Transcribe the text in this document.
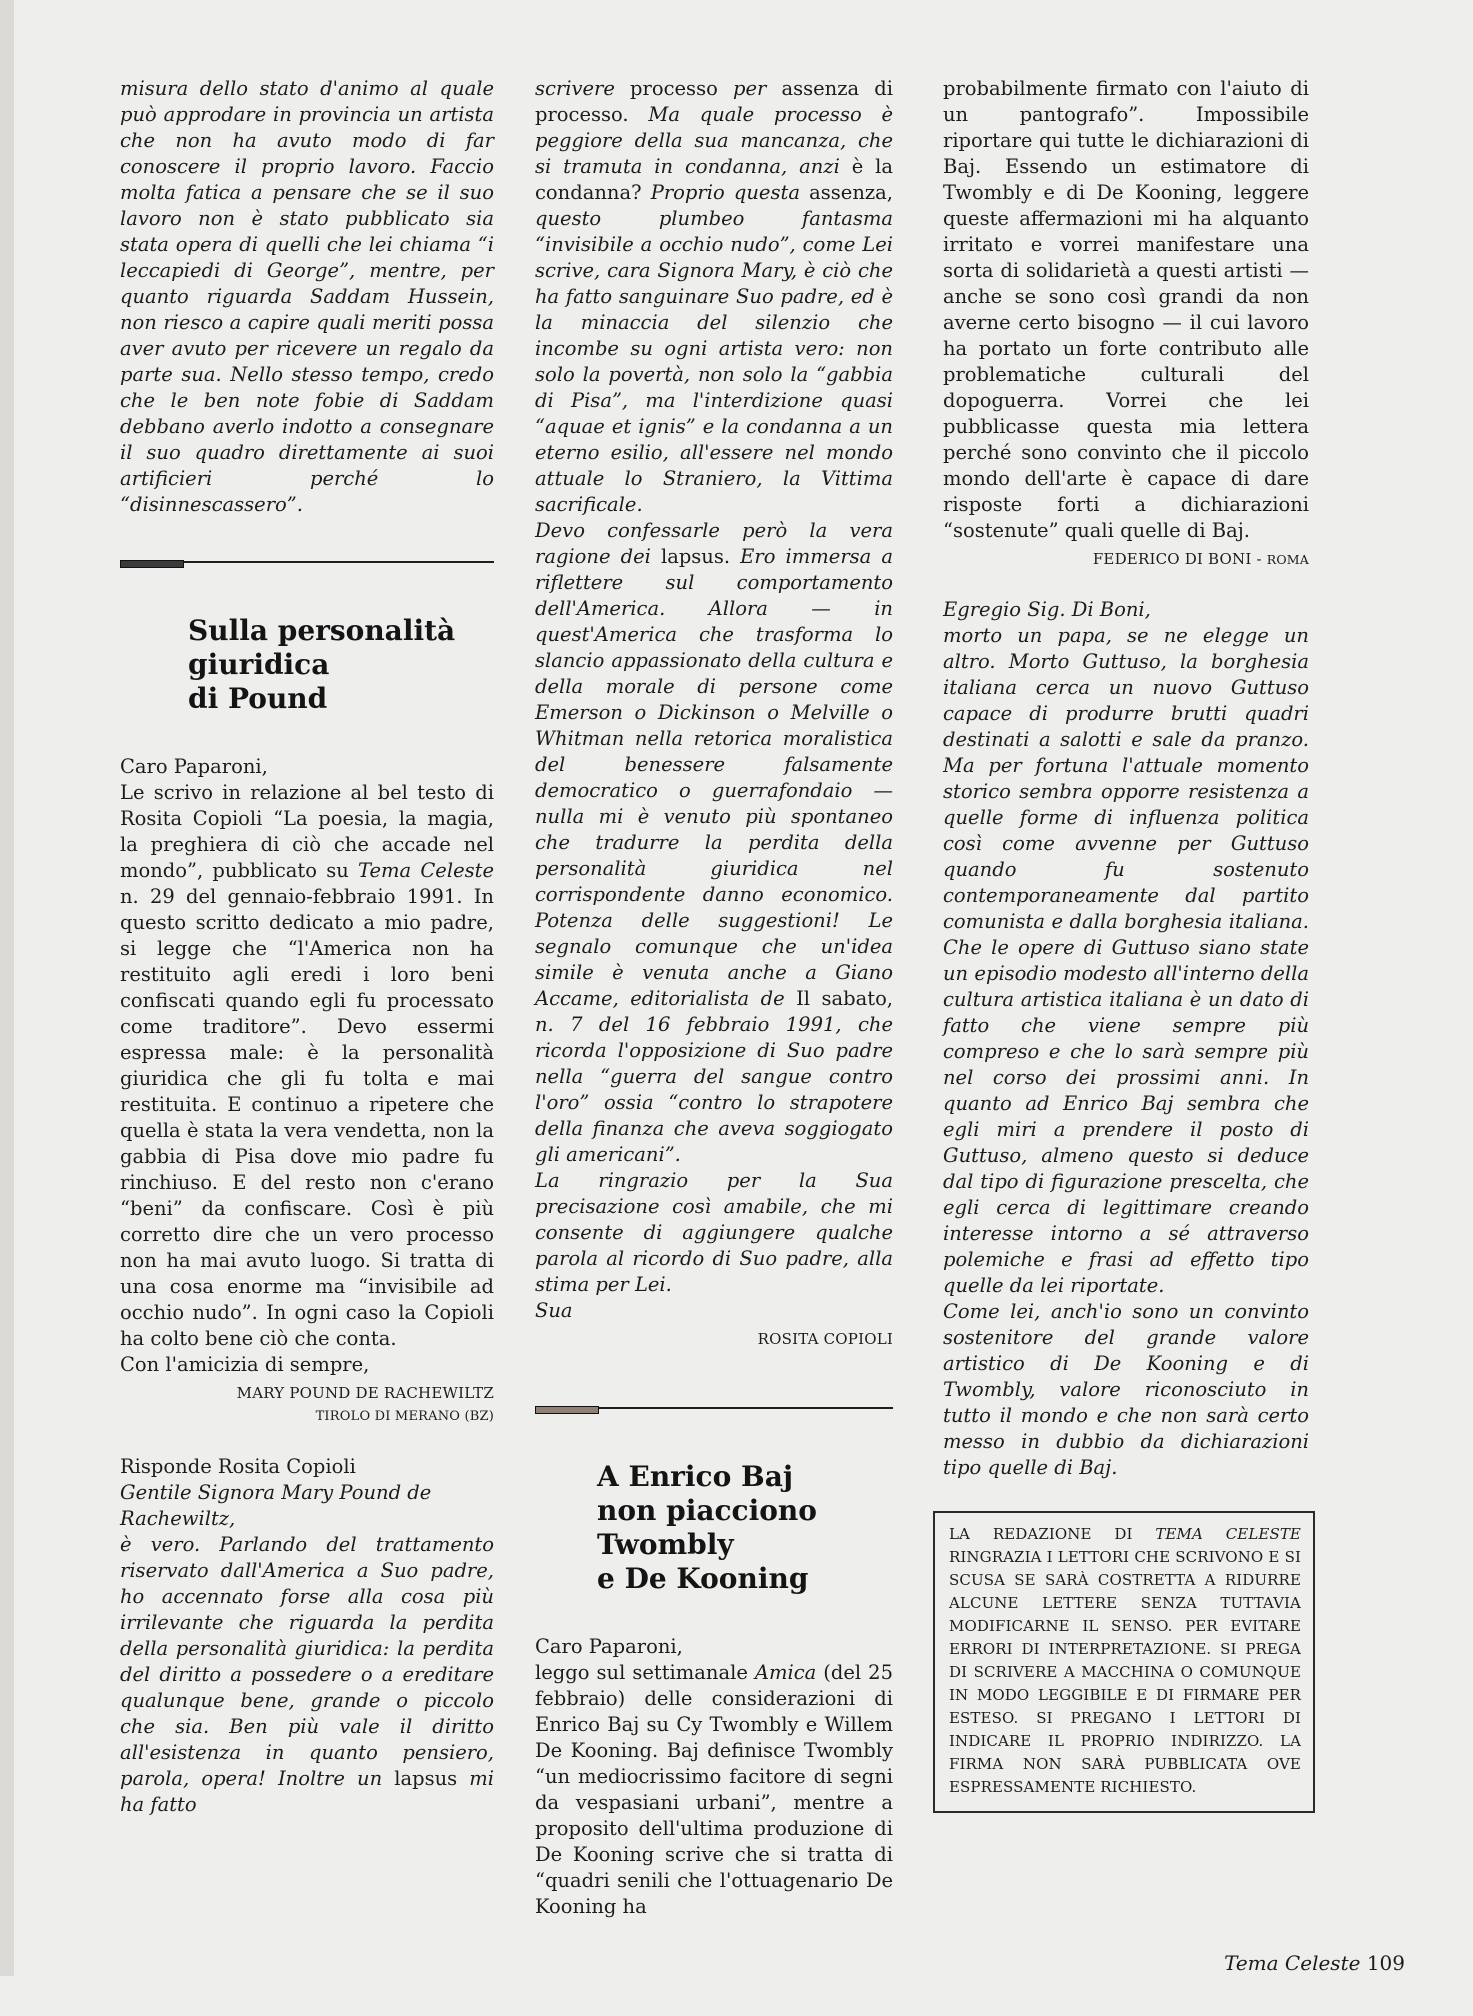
misura dello stato d'animo al quale può approdare in provincia un artista che non ha avuto modo di far conoscere il proprio lavoro. Faccio molta fatica a pensare che se il suo lavoro non è stato pubblicato sia stata opera di quelli che lei chiama “i leccapiedi di George”, mentre, per quanto riguarda Saddam Hussein, non riesco a capire quali meriti possa aver avuto per ricevere un regalo da parte sua. Nello stesso tempo, credo che le ben note fobie di Saddam debbano averlo indotto a consegnare il suo quadro direttamente ai suoi artificieri perché lo “disinnescassero”.

Sulla personalità
giuridica
di Pound

Caro Paparoni,

Le scrivo in relazione al bel testo di Rosita Copioli “La poesia, la magia, la preghiera di ciò che accade nel mondo”, pubblicato su Tema Celeste n. 29 del gennaio-febbraio 1991. In questo scritto dedicato a mio padre, si legge che “l'America non ha restituito agli eredi i loro beni confiscati quando egli fu processato come traditore”. Devo essermi espressa male: è la personalità giuridica che gli fu tolta e mai restituita. E continuo a ripetere che quella è stata la vera vendetta, non la gabbia di Pisa dove mio padre fu rinchiuso. E del resto non c'erano “beni” da confiscare. Così è più corretto dire che un vero processo non ha mai avuto luogo. Si tratta di una cosa enorme ma “invisibile ad occhio nudo”. In ogni caso la Copioli ha colto bene ciò che conta.

Con l'amicizia di sempre,

MARY POUND DE RACHEWILTZ

TIROLO DI MERANO (BZ)

Risponde Rosita Copioli

Gentile Signora Mary Pound de Rachewiltz,

è vero. Parlando del trattamento riservato dall'America a Suo padre, ho accennato forse alla cosa più irrilevante che riguarda la perdita della personalità giuridica: la perdita del diritto a possedere o a ereditare qualunque bene, grande o piccolo che sia. Ben più vale il diritto all'esistenza in quanto pensiero, parola, opera! Inoltre un lapsus mi ha fatto

scrivere processo per assenza di processo. Ma quale processo è peggiore della sua mancanza, che si tramuta in condanna, anzi è la condanna? Proprio questa assenza, questo plumbeo fantasma “invisibile a occhio nudo”, come Lei scrive, cara Signora Mary, è ciò che ha fatto sanguinare Suo padre, ed è la minaccia del silenzio che incombe su ogni artista vero: non solo la povertà, non solo la “gabbia di Pisa”, ma l'interdizione quasi “aquae et ignis” e la condanna a un eterno esilio, all'essere nel mondo attuale lo Straniero, la Vittima sacrificale.

Devo confessarle però la vera ragione dei lapsus. Ero immersa a riflettere sul comportamento dell'America. Allora — in quest'America che trasforma lo slancio appassionato della cultura e della morale di persone come Emerson o Dickinson o Melville o Whitman nella retorica moralistica del benessere falsamente democratico o guerrafondaio — nulla mi è venuto più spontaneo che tradurre la perdita della personalità giuridica nel corrispondente danno economico. Potenza delle suggestioni! Le segnalo comunque che un'idea simile è venuta anche a Giano Accame, editorialista de Il sabato, n. 7 del 16 febbraio 1991, che ricorda l'opposizione di Suo padre nella “guerra del sangue contro l'oro” ossia “contro lo strapotere della finanza che aveva soggiogato gli americani”.

La ringrazio per la Sua precisazione così amabile, che mi consente di aggiungere qualche parola al ricordo di Suo padre, alla stima per Lei.

Sua

ROSITA COPIOLI

A Enrico Baj
non piacciono
Twombly
e De Kooning

Caro Paparoni,

leggo sul settimanale Amica (del 25 febbraio) delle considerazioni di Enrico Baj su Cy Twombly e Willem De Kooning. Baj definisce Twombly “un mediocrissimo facitore di segni da vespasiani urbani”, mentre a proposito dell'ultima produzione di De Kooning scrive che si tratta di “quadri senili che l'ottuagenario De Kooning ha

probabilmente firmato con l'aiuto di un pantografo”. Impossibile riportare qui tutte le dichiarazioni di Baj. Essendo un estimatore di Twombly e di De Kooning, leggere queste affermazioni mi ha alquanto irritato e vorrei manifestare una sorta di solidarietà a questi artisti — anche se sono così grandi da non averne certo bisogno — il cui lavoro ha portato un forte contributo alle problematiche culturali del dopoguerra. Vorrei che lei pubblicasse questa mia lettera perché sono convinto che il piccolo mondo dell'arte è capace di dare risposte forti a dichiarazioni “sostenute” quali quelle di Baj.

FEDERICO DI BONI - ROMA

Egregio Sig. Di Boni,

morto un papa, se ne elegge un altro. Morto Guttuso, la borghesia italiana cerca un nuovo Guttuso capace di produrre brutti quadri destinati a salotti e sale da pranzo. Ma per fortuna l'attuale momento storico sembra opporre resistenza a quelle forme di influenza politica così come avvenne per Guttuso quando fu sostenuto contemporaneamente dal partito comunista e dalla borghesia italiana. Che le opere di Guttuso siano state un episodio modesto all'interno della cultura artistica italiana è un dato di fatto che viene sempre più compreso e che lo sarà sempre più nel corso dei prossimi anni. In quanto ad Enrico Baj sembra che egli miri a prendere il posto di Guttuso, almeno questo si deduce dal tipo di figurazione prescelta, che egli cerca di legittimare creando interesse intorno a sé attraverso polemiche e frasi ad effetto tipo quelle da lei riportate.

Come lei, anch'io sono un convinto sostenitore del grande valore artistico di De Kooning e di Twombly, valore riconosciuto in tutto il mondo e che non sarà certo messo in dubbio da dichiarazioni tipo quelle di Baj.

LA REDAZIONE DI TEMA CELESTE RINGRAZIA I LETTORI CHE SCRIVONO E SI SCUSA SE SARÀ COSTRETTA A RIDURRE ALCUNE LETTERE SENZA TUTTAVIA MODIFICARNE IL SENSO. PER EVITARE ERRORI DI INTERPRETAZIONE. SI PREGA DI SCRIVERE A MACCHINA O COMUNQUE IN MODO LEGGIBILE E DI FIRMARE PER ESTESO. SI PREGANO I LETTORI DI INDICARE IL PROPRIO INDIRIZZO. LA FIRMA NON SARÀ PUBBLICATA OVE ESPRESSAMENTE RICHIESTO.
Tema Celeste 109
